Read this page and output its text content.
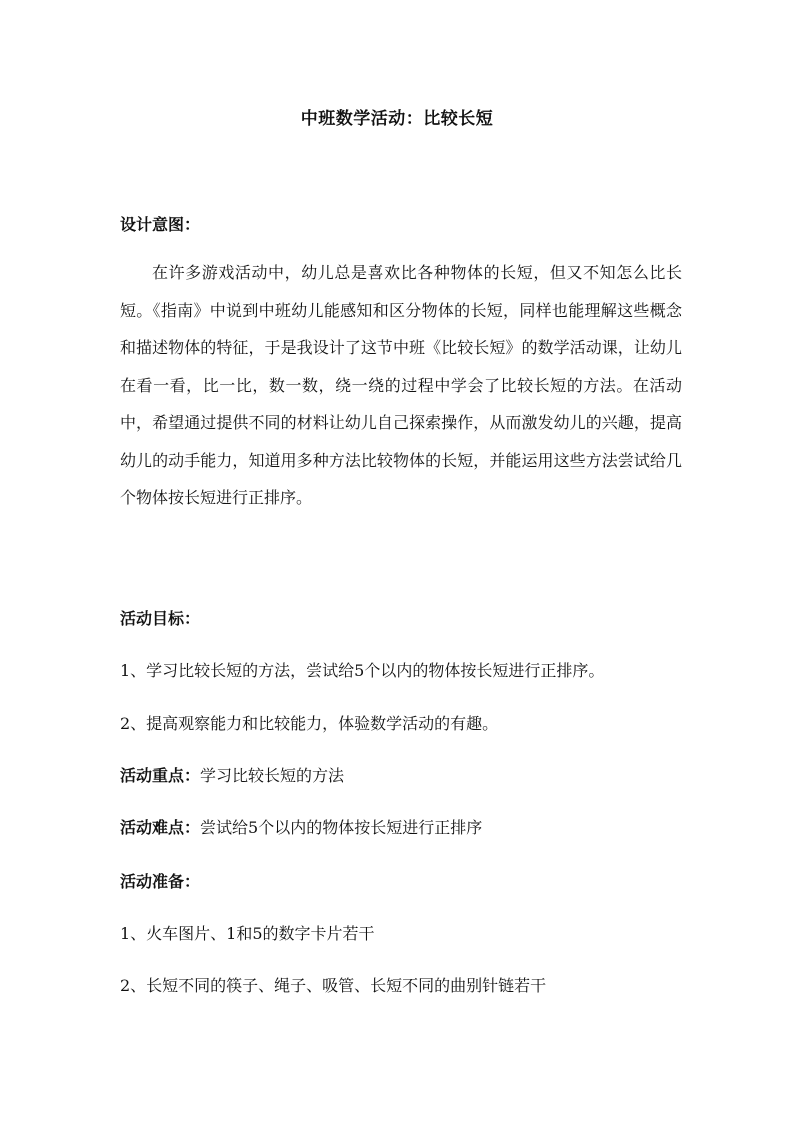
中班数学活动：比较长短
设计意图：

在许多游戏活动中，幼儿总是喜欢比各种物体的长短，但又不知怎么比长短。《指南》中说到中班幼儿能感知和区分物体的长短，同样也能理解这些概念和描述物体的特征，于是我设计了这节中班《比较长短》的数学活动课，让幼儿在看一看，比一比，数一数，绕一绕的过程中学会了比较长短的方法。在活动中，希望通过提供不同的材料让幼儿自己探索操作，从而激发幼儿的兴趣，提高幼儿的动手能力，知道用多种方法比较物体的长短，并能运用这些方法尝试给几个物体按长短进行正排序。

活动目标：
1、学习比较长短的方法，尝试给5个以内的物体按长短进行正排序。
2、提高观察能力和比较能力，体验数学活动的有趣。
活动重点：学习比较长短的方法
活动难点：尝试给5个以内的物体按长短进行正排序
活动准备：
1、火车图片、1和5的数字卡片若干
2、长短不同的筷子、绳子、吸管、长短不同的曲别针链若干
